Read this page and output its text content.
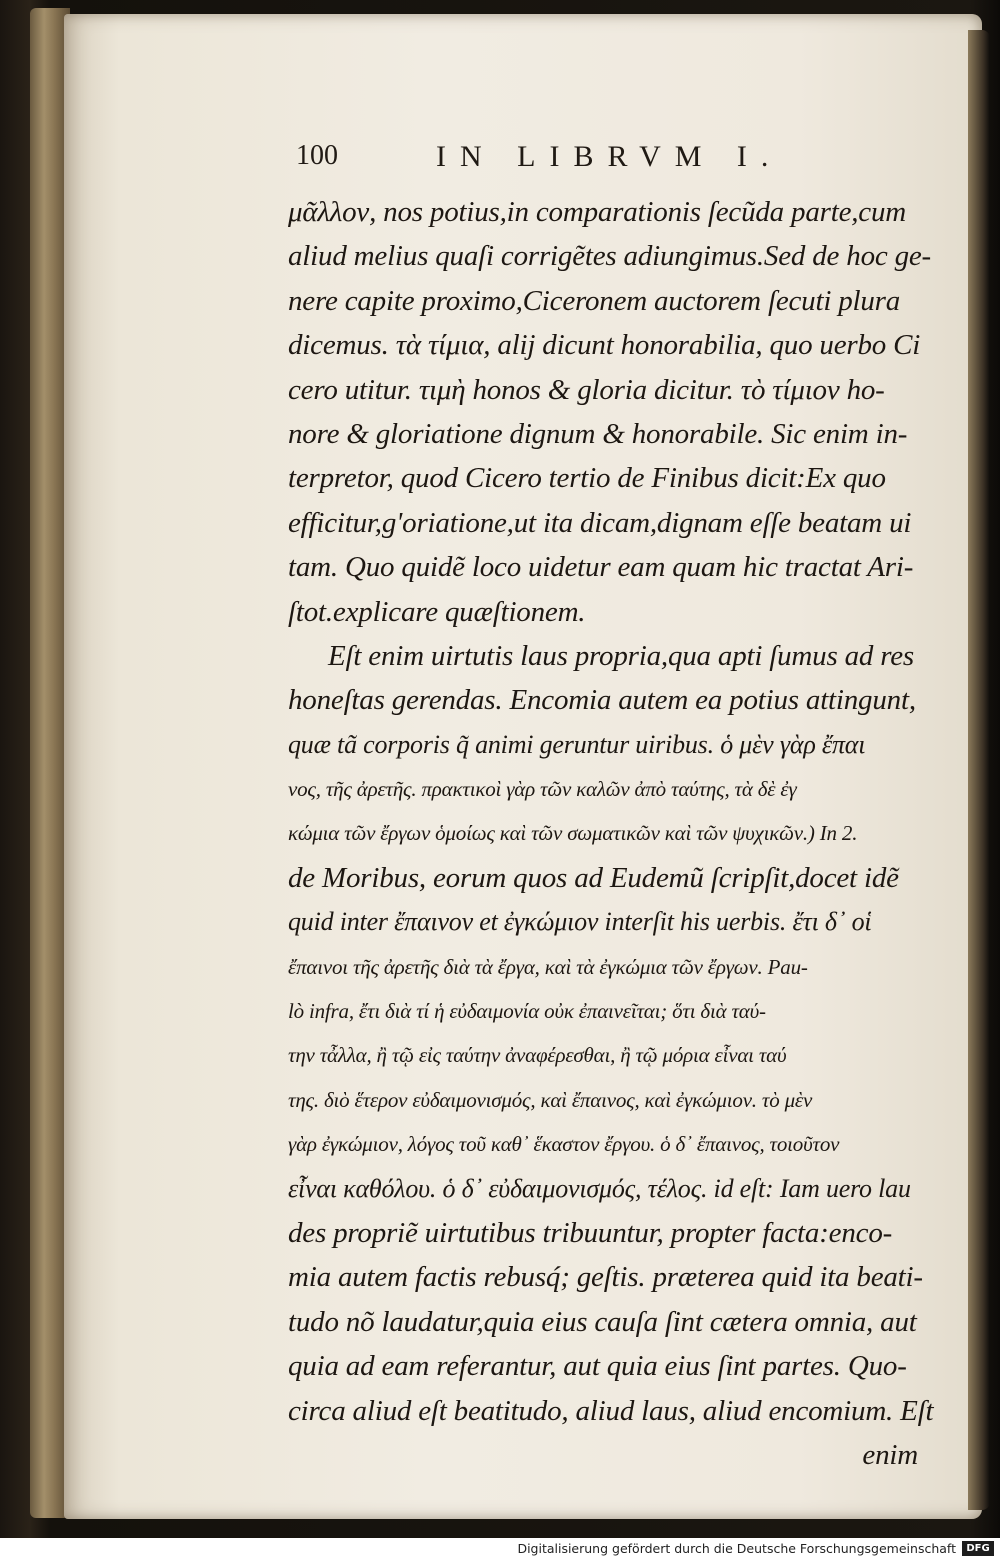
100	IN LIBRVM I.
μᾶλλον, nos potius,in comparationis ſecũda parte,cum
aliud melius quaſi corrigẽtes adiungimus.Sed de hoc ge-
nere capite proximo,Ciceronem auctorem ſecuti plura
dicemus. τὰ τίμια, alij dicunt honorabilia, quo uerbo Ci
cero utitur. τιμὴ honos & gloria dicitur. τὸ τίμιον ho-
nore & gloriatione dignum & honorabile. Sic enim in-
terpretor, quod Cicero tertio de Finibus dicit:Ex quo
efficitur,g'oriatione,ut ita dicam,dignam eſſe beatam ui
tam. Quo quidẽ loco uidetur eam quam hic tractat Ari-
ſtot.explicare quæſtionem.
Eſt enim uirtutis laus propria,qua apti ſumus ad res
honeſtas gerendas. Encomia autem ea potius attingunt,
quæ tã corporis q̃ animi geruntur uiribus. ὁ μὲν γὰρ ἔπαι
νος, τῆς ἀρετῆς. πρακτικοὶ γὰρ τῶν καλῶν ἀπὸ ταύτης, τὰ δὲ ἐγ
κώμια τῶν ἔργων ὁμοίως καὶ τῶν σωματικῶν καὶ τῶν ψυχικῶν.) In 2.
de Moribus, eorum quos ad Eudemũ ſcripſit,docet idẽ
quid inter ἔπαινον et ἐγκώμιον interſit his uerbis. ἔτι δ᾽ οἱ
ἔπαινοι τῆς ἀρετῆς διὰ τὰ ἔργα, καὶ τὰ ἐγκώμια τῶν ἔργων. Pau-
lò infra, ἔτι διὰ τί ἡ εὐδαιμονία οὐκ ἐπαινεῖται; ὅτι διὰ ταύ-
την τἆλλα, ἢ τῷ εἰς ταύτην ἀναφέρεσθαι, ἢ τῷ μόρια εἶναι ταύ
της. διὸ ἕτερον εὐδαιμονισμός, καὶ ἔπαινος, καὶ ἐγκώμιον. τὸ μὲν
γὰρ ἐγκώμιον, λόγος τοῦ καθ᾽ ἕκαστον ἔργου. ὁ δ᾽ ἔπαινος, τοιοῦτον
εἶναι καθόλου. ὁ δ᾽ εὐδαιμονισμός, τέλος. id eſt: Iam uero lau
des propriẽ uirtutibus tribuuntur, propter facta:enco-
mia autem factis rebusq́; geſtis. præterea quid ita beati-
tudo nõ laudatur,quia eius cauſa ſint cætera omnia, aut
quia ad eam referantur, aut quia eius ſint partes. Quo-
circa aliud eſt beatitudo, aliud laus, aliud encomium. Eſt
enim
Digitalisierung gefördert durch die Deutsche Forschungsgemeinschaft	DFG
